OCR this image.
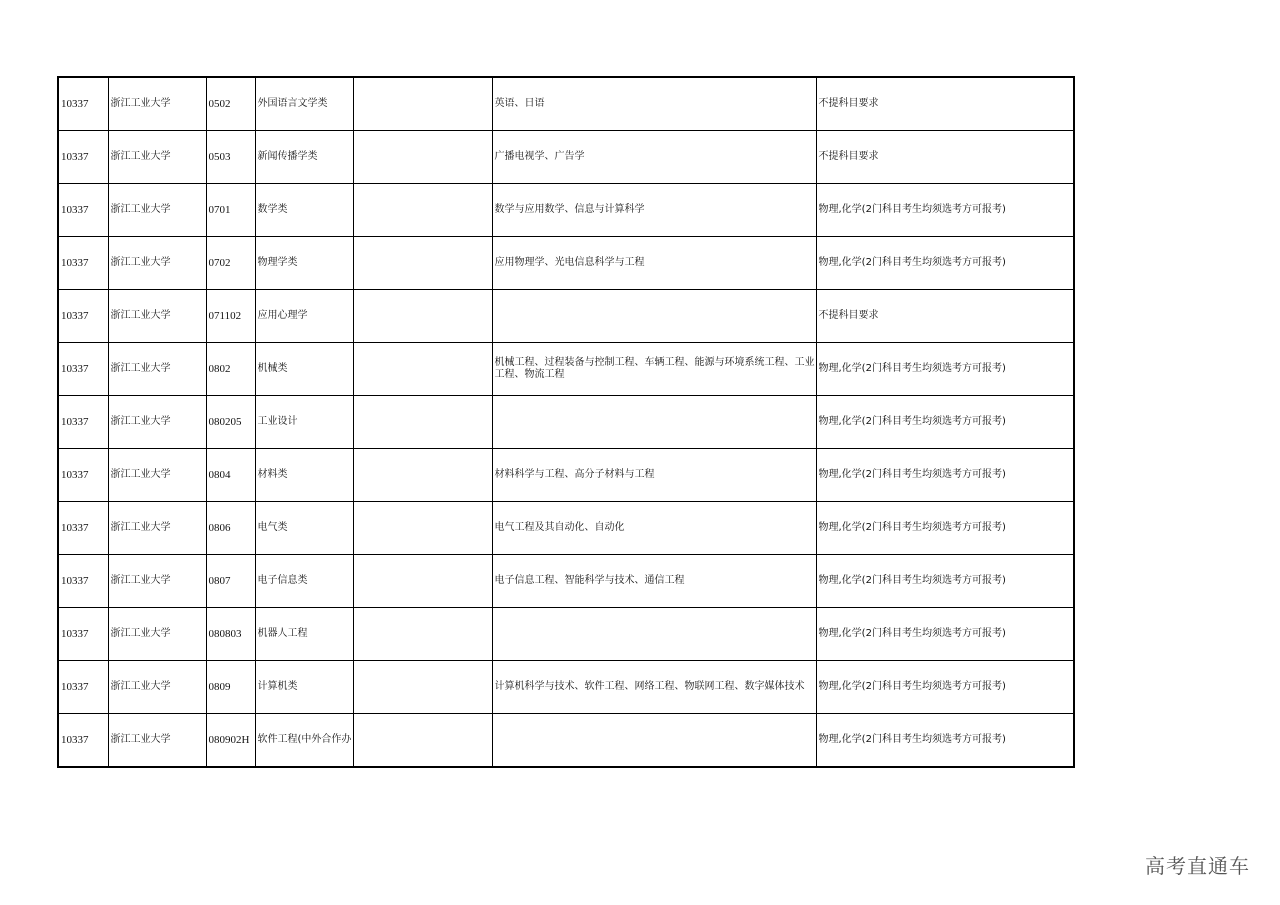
10337	浙江工业大学	0502	外国语言文学类		英语、日语	不提科目要求
10337	浙江工业大学	0503	新闻传播学类		广播电视学、广告学	不提科目要求
10337	浙江工业大学	0701	数学类		数学与应用数学、信息与计算科学	物理,化学(2门科目考生均须选考方可报考)
10337	浙江工业大学	0702	物理学类		应用物理学、光电信息科学与工程	物理,化学(2门科目考生均须选考方可报考)
10337	浙江工业大学	071102	应用心理学			不提科目要求
10337	浙江工业大学	0802	机械类		机械工程、过程装备与控制工程、车辆工程、能源与环境系统工程、工业工程、物流工程	物理,化学(2门科目考生均须选考方可报考)
10337	浙江工业大学	080205	工业设计			物理,化学(2门科目考生均须选考方可报考)
10337	浙江工业大学	0804	材料类		材料科学与工程、高分子材料与工程	物理,化学(2门科目考生均须选考方可报考)
10337	浙江工业大学	0806	电气类		电气工程及其自动化、自动化	物理,化学(2门科目考生均须选考方可报考)
10337	浙江工业大学	0807	电子信息类		电子信息工程、智能科学与技术、通信工程	物理,化学(2门科目考生均须选考方可报考)
10337	浙江工业大学	080803	机器人工程			物理,化学(2门科目考生均须选考方可报考)
10337	浙江工业大学	0809	计算机类		计算机科学与技术、软件工程、网络工程、物联网工程、数字媒体技术	物理,化学(2门科目考生均须选考方可报考)
10337	浙江工业大学	080902H	软件工程(中外合作办			物理,化学(2门科目考生均须选考方可报考)
高考直通车
